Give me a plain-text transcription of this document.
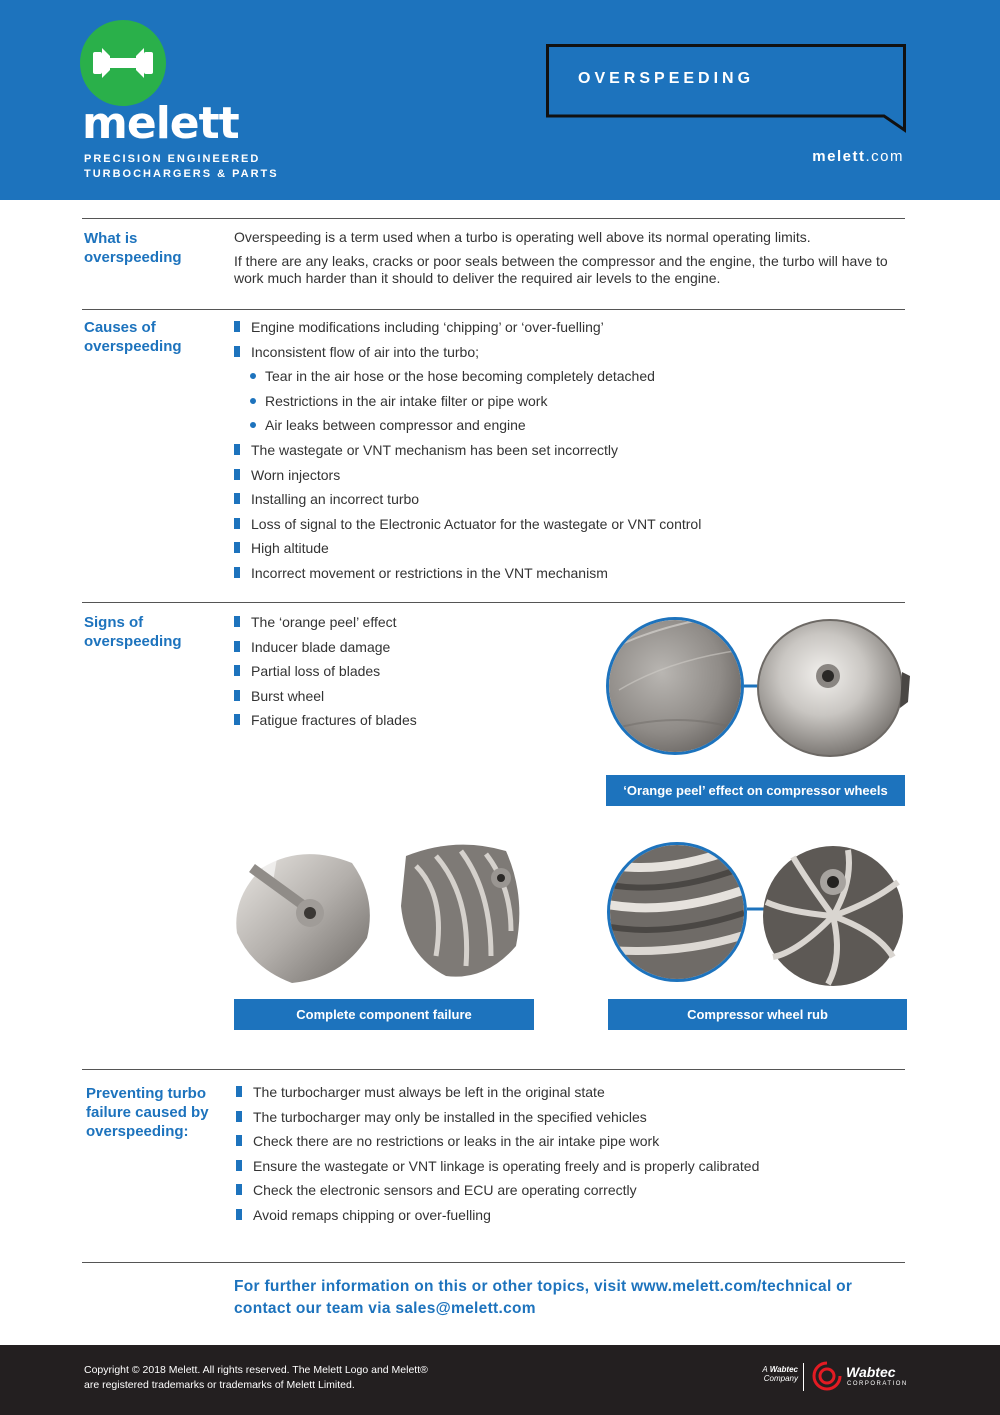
melett
PRECISION ENGINEERED
TURBOCHARGERS & PARTS
OVERSPEEDING
melett.com
What is
overspeeding
Overspeeding is a term used when a turbo is operating well above its normal operating limits.
If there are any leaks, cracks or poor seals between the compressor and the engine, the turbo will have to work much harder than it should to deliver the required air levels to the engine.
Causes of
overspeeding
Engine modifications including ‘chipping’ or ‘over-fuelling’
Inconsistent flow of air into the turbo;
Tear in the air hose or the hose becoming completely detached
Restrictions in the air intake filter or pipe work
Air leaks between compressor and engine
The wastegate or VNT mechanism has been set incorrectly
Worn injectors
Installing an incorrect turbo
Loss of signal to the Electronic Actuator for the wastegate or VNT control
High altitude
Incorrect movement or restrictions in the VNT mechanism
Signs of
overspeeding
The ‘orange peel’ effect
Inducer blade damage
Partial loss of blades
Burst wheel
Fatigue fractures of blades
‘Orange peel’ effect on compressor wheels
Complete component failure	Compressor wheel rub
Preventing turbo
failure caused by
overspeeding:
The turbocharger must always be left in the original state
The turbocharger may only be installed in the specified vehicles
Check there are no restrictions or leaks in the air intake pipe work
Ensure the wastegate or VNT linkage is operating freely and is properly calibrated
Check the electronic sensors and ECU are operating correctly
Avoid remaps chipping or over-fuelling
For further information on this or other topics, visit www.melett.com/technical or
contact our team via sales@melett.com
Copyright © 2018 Melett. All rights reserved. The Melett Logo and Melett®
are registered trademarks or trademarks of Melett Limited.
A Wabtec
Company	Wabtec
CORPORATION
